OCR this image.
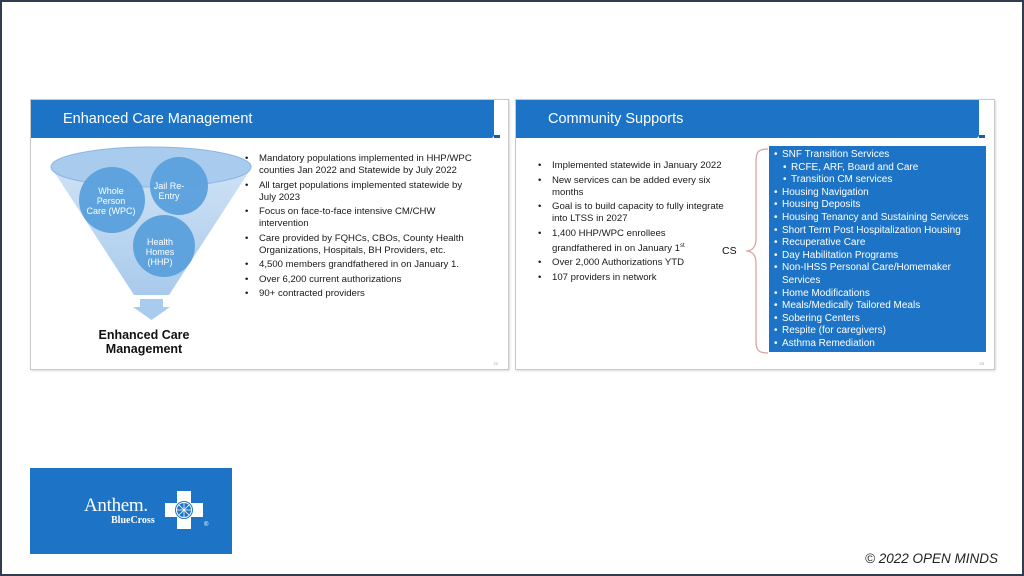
Enhanced Care Management
Whole Person Care (WPC)
Jail Re-Entry
Health Homes (HHP)
Enhanced Care Management
• Mandatory populations implemented in HHP/WPC counties Jan 2022 and Statewide by July 2022
• All target populations implemented statewide by July 2023
• Focus on face-to-face intensive CM/CHW intervention
• Care provided by FQHCs, CBOs, County Health Organizations, Hospitals, BH Providers, etc.
• 4,500 members grandfathered in on January 1.
• Over 6,200 current authorizations
• 90+ contracted providers
22
Community Supports
• Implemented statewide in January 2022
• New services can be added every six months
• Goal is to build capacity to fully integrate into LTSS in 2027
• 1,400 HHP/WPC enrollees grandfathered in on January 1st
• Over 2,000 Authorizations YTD
• 107 providers in network
CS
• SNF Transition Services
• RCFE, ARF, Board and Care
• Transition CM services
• Housing Navigation
• Housing Deposits
• Housing Tenancy and Sustaining Services
• Short Term Post Hospitalization Housing
• Recuperative Care
• Day Habilitation Programs
• Non-IHSS Personal Care/Homemaker Services
• Home Modifications
• Meals/Medically Tailored Meals
• Sobering Centers
• Respite (for caregivers)
• Asthma Remediation
23
Anthem.
BlueCross	®
© 2022 OPEN MINDS
